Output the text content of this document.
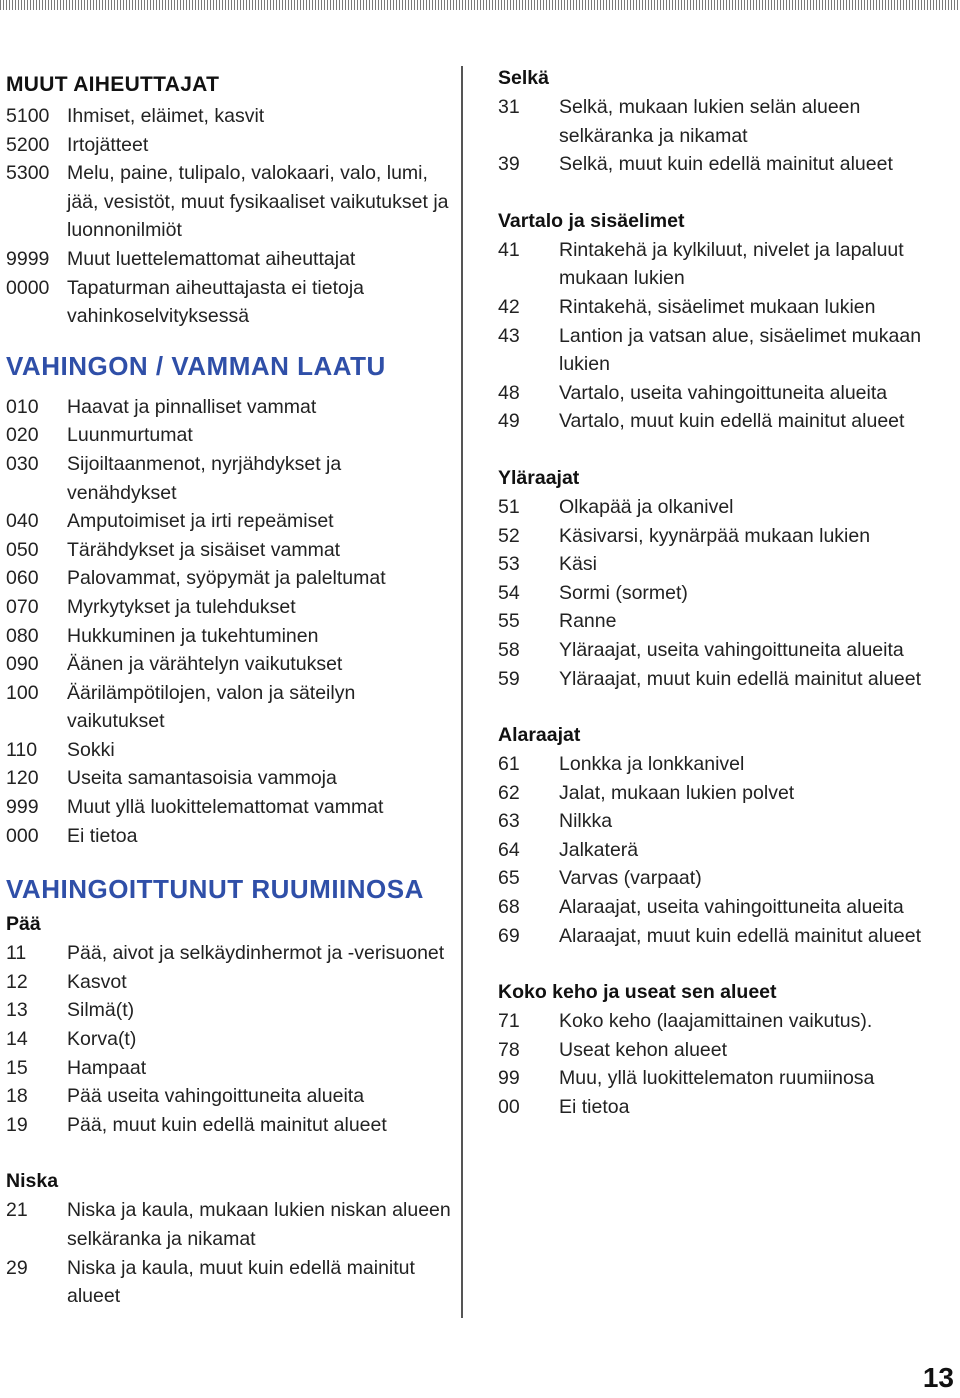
MUUT AIHEUTTAJAT
5100 Ihmiset, eläimet, kasvit
5200 Irtojätteet
5300 Melu, paine, tulipalo, valokaari, valo, lumi, jää, vesistöt, muut fysikaaliset vaikutukset ja luonnonilmiöt
9999 Muut luettelemattomat aiheuttajat
0000 Tapaturman aiheuttajasta ei tietoja vahinkoselvityksessä
VAHINGON / VAMMAN LAATU
010	Haavat ja pinnalliset vammat
020	Luunmurtumat
030	Sijoiltaanmenot, nyrjähdykset ja venähdykset
040	Amputoimiset ja irti repeämiset
050	Tärähdykset ja sisäiset vammat
060	Palovammat, syöpymät ja paleltumat
070	Myrkytykset ja tulehdukset
080	Hukkuminen ja tukehtuminen
090	Äänen ja värähtelyn vaikutukset
100	Äärilämpötilojen, valon ja säteilyn vaikutukset
110	Sokki
120	Useita samantasoisia vammoja
999	Muut yllä luokittelemattomat vammat
000	Ei tietoa
VAHINGOITTUNUT RUUMIINOSA
Pää
11	Pää, aivot ja selkäydinhermot ja -verisuonet
12	Kasvot
13	Silmä(t)
14	Korva(t)
15	Hampaat
18	Pää useita vahingoittuneita alueita
19	Pää, muut kuin edellä mainitut alueet
Niska
21	Niska ja kaula, mukaan lukien niskan alueen selkäranka ja nikamat
29	Niska ja kaula, muut kuin edellä mainitut alueet
Selkä
31	Selkä, mukaan lukien selän alueen selkäranka ja nikamat
39	Selkä, muut kuin edellä mainitut alueet
Vartalo ja sisäelimet
41	Rintakehä ja kylkiluut, nivelet ja lapaluut mukaan lukien
42	Rintakehä, sisäelimet mukaan lukien
43	Lantion ja vatsan alue, sisäelimet mukaan lukien
48	Vartalo, useita vahingoittuneita alueita
49	Vartalo, muut kuin edellä mainitut alueet
Yläraajat
51	Olkapää ja olkanivel
52	Käsivarsi, kyynärpää mukaan lukien
53	Käsi
54	Sormi (sormet)
55	Ranne
58	Yläraajat, useita vahingoittuneita alueita
59	Yläraajat, muut kuin edellä mainitut alueet
Alaraajat
61	Lonkka ja lonkkanivel
62	Jalat, mukaan lukien polvet
63	Nilkka
64	Jalkaterä
65	Varvas (varpaat)
68	Alaraajat, useita vahingoittuneita alueita
69	Alaraajat, muut kuin edellä mainitut alueet
Koko keho ja useat sen alueet
71	Koko keho (laajamittainen vaikutus).
78	Useat kehon alueet
99	Muu, yllä luokittelematon ruumiinosa
00	Ei tietoa
13
